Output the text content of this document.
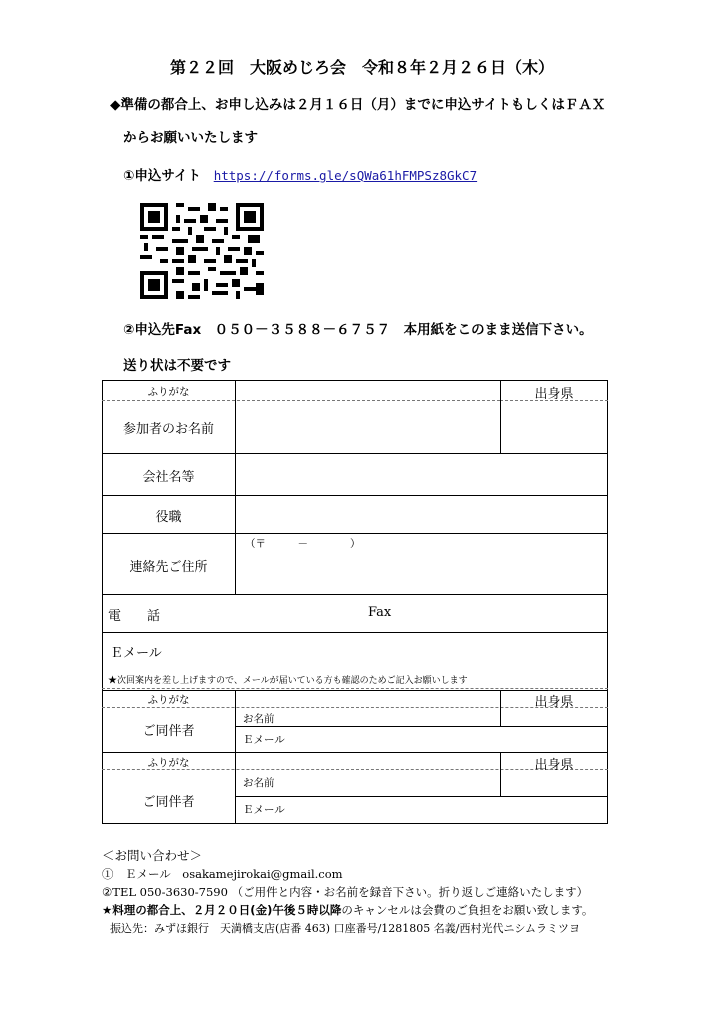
第２２回　大阪めじろ会　令和８年２月２６日（木）
◆準備の都合上、お申し込みは２月１６日（月）までに申込サイトもしくはＦＡＸ
からお願いいたします
①申込サイト https://forms.gle/sQWa61hFMPSz8GkC7
②申込先Fax　０５０－３５８８－６７５７　本用紙をこのまま送信下さい。
送り状は不要です
ふりがな	出身県
参加者のお名前
会社名等
役職
連絡先ご住所
（〒　　　－　　　　）
電　　話	Fax
Ｅメール
★次回案内を差し上げますので、メールが届いている方も確認のためご記入お願いします
ふりがな	出身県
ご同伴者
お名前
Ｅメール
ふりがな	出身県
ご同伴者
お名前
Ｅメール
＜お問い合わせ＞
①　Ｅメール　osakamejirokai@gmail.com
②TEL 050-3630-7590 （ご用件と内容・お名前を録音下さい。折り返しご連絡いたします）
★料理の都合上、２月２０日(金)午後５時以降のキャンセルは会費のご負担をお願い致します。
振込先：みずほ銀行　天満橋支店(店番 463) 口座番号/1281805 名義/西村光代ニシムラミツヨ
